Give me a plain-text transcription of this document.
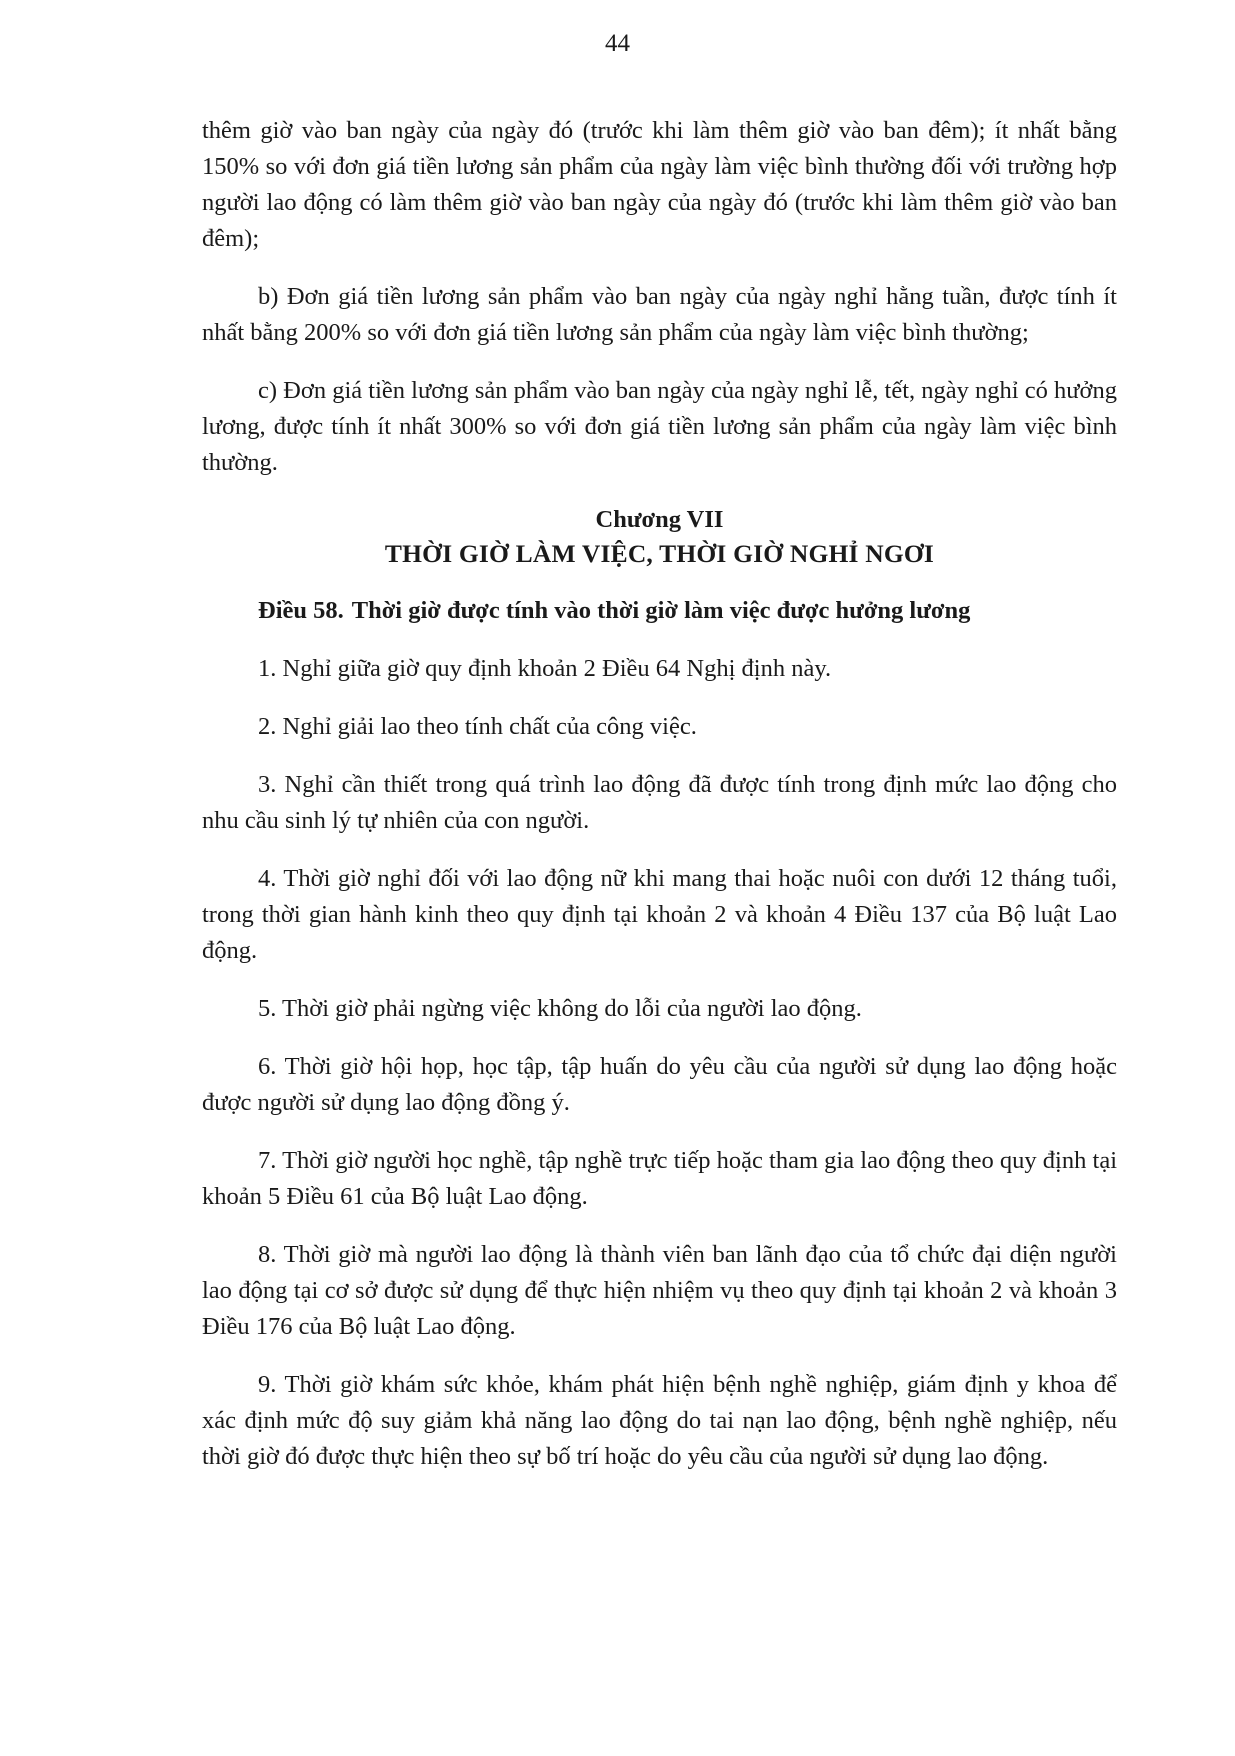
44

thêm giờ vào ban ngày của ngày đó (trước khi làm thêm giờ vào ban đêm); ít nhất bằng 150% so với đơn giá tiền lương sản phẩm của ngày làm việc bình thường đối với trường hợp người lao động có làm thêm giờ vào ban ngày của ngày đó (trước khi làm thêm giờ vào ban đêm);

b) Đơn giá tiền lương sản phẩm vào ban ngày của ngày nghỉ hằng tuần, được tính ít nhất bằng 200% so với đơn giá tiền lương sản phẩm của ngày làm việc bình thường;

c) Đơn giá tiền lương sản phẩm vào ban ngày của ngày nghỉ lễ, tết, ngày nghỉ có hưởng lương, được tính ít nhất 300% so với đơn giá tiền lương sản phẩm của ngày làm việc bình thường.

Chương VII
THỜI GIỜ LÀM VIỆC, THỜI GIỜ NGHỈ NGƠI

Điều 58. Thời giờ được tính vào thời giờ làm việc được hưởng lương

1. Nghỉ giữa giờ quy định khoản 2 Điều 64 Nghị định này.

2. Nghỉ giải lao theo tính chất của công việc.

3. Nghỉ cần thiết trong quá trình lao động đã được tính trong định mức lao động cho nhu cầu sinh lý tự nhiên của con người.

4. Thời giờ nghỉ đối với lao động nữ khi mang thai hoặc nuôi con dưới 12 tháng tuổi, trong thời gian hành kinh theo quy định tại khoản 2 và khoản 4 Điều 137 của Bộ luật Lao động.

5. Thời giờ phải ngừng việc không do lỗi của người lao động.

6. Thời giờ hội họp, học tập, tập huấn do yêu cầu của người sử dụng lao động hoặc được người sử dụng lao động đồng ý.

7. Thời giờ người học nghề, tập nghề trực tiếp hoặc tham gia lao động theo quy định tại khoản 5 Điều 61 của Bộ luật Lao động.

8. Thời giờ mà người lao động là thành viên ban lãnh đạo của tổ chức đại diện người lao động tại cơ sở được sử dụng để thực hiện nhiệm vụ theo quy định tại khoản 2 và khoản 3 Điều 176 của Bộ luật Lao động.

9. Thời giờ khám sức khỏe, khám phát hiện bệnh nghề nghiệp, giám định y khoa để xác định mức độ suy giảm khả năng lao động do tai nạn lao động, bệnh nghề nghiệp, nếu thời giờ đó được thực hiện theo sự bố trí hoặc do yêu cầu của người sử dụng lao động.
